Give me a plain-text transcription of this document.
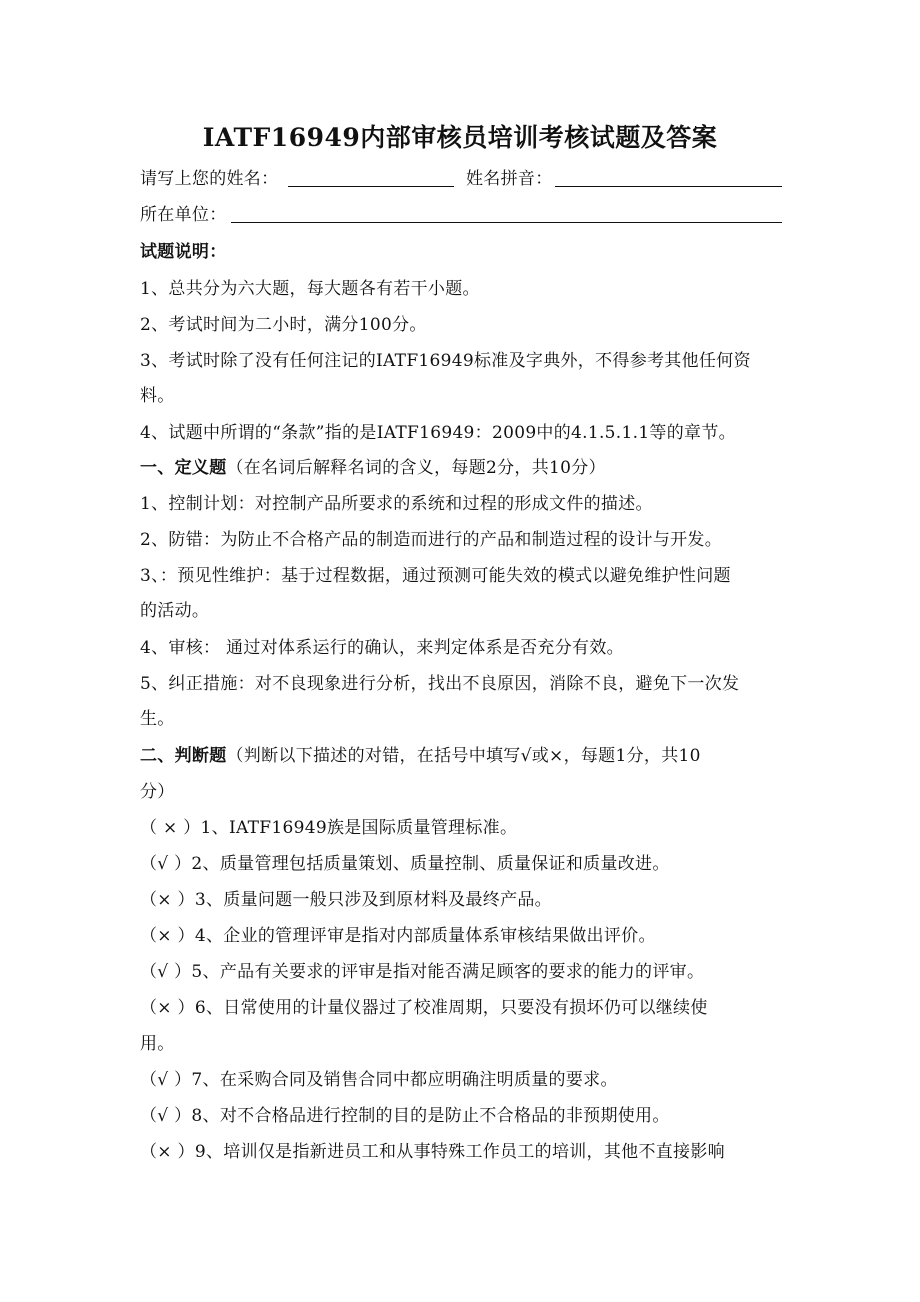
IATF16949内部审核员培训考核试题及答案
请写上您的姓名：	姓名拼音：
所在单位：
试题说明：
1、总共分为六大题，每大题各有若干小题。
2、考试时间为二小时，满分100分。
3、考试时除了没有任何注记的IATF16949标准及字典外，不得参考其他任何资
料。
4、试题中所谓的“条款”指的是IATF16949：2009中的4.1.5.1.1等的章节。
一、定义题（在名词后解释名词的含义，每题2分，共10分）
1、控制计划：对控制产品所要求的系统和过程的形成文件的描述。
2、防错：为防止不合格产品的制造而进行的产品和制造过程的设计与开发。
3、：预见性维护：基于过程数据，通过预测可能失效的模式以避免维护性问题
的活动。
4、审核： 通过对体系运行的确认，来判定体系是否充分有效。
5、纠正措施：对不良现象进行分析，找出不良原因，消除不良，避免下一次发
生。
二、判断题（判断以下描述的对错，在括号中填写√或×，每题1分，共10
分）
（ × ）1、IATF16949族是国际质量管理标准。
（√ ）2、质量管理包括质量策划、质量控制、质量保证和质量改进。
（× ）3、质量问题一般只涉及到原材料及最终产品。
（× ）4、企业的管理评审是指对内部质量体系审核结果做出评价。
（√ ）5、产品有关要求的评审是指对能否满足顾客的要求的能力的评审。
（× ）6、日常使用的计量仪器过了校准周期，只要没有损坏仍可以继续使
用。
（√ ）7、在采购合同及销售合同中都应明确注明质量的要求。
（√ ）8、对不合格品进行控制的目的是防止不合格品的非预期使用。
（× ）9、培训仅是指新进员工和从事特殊工作员工的培训，其他不直接影响
